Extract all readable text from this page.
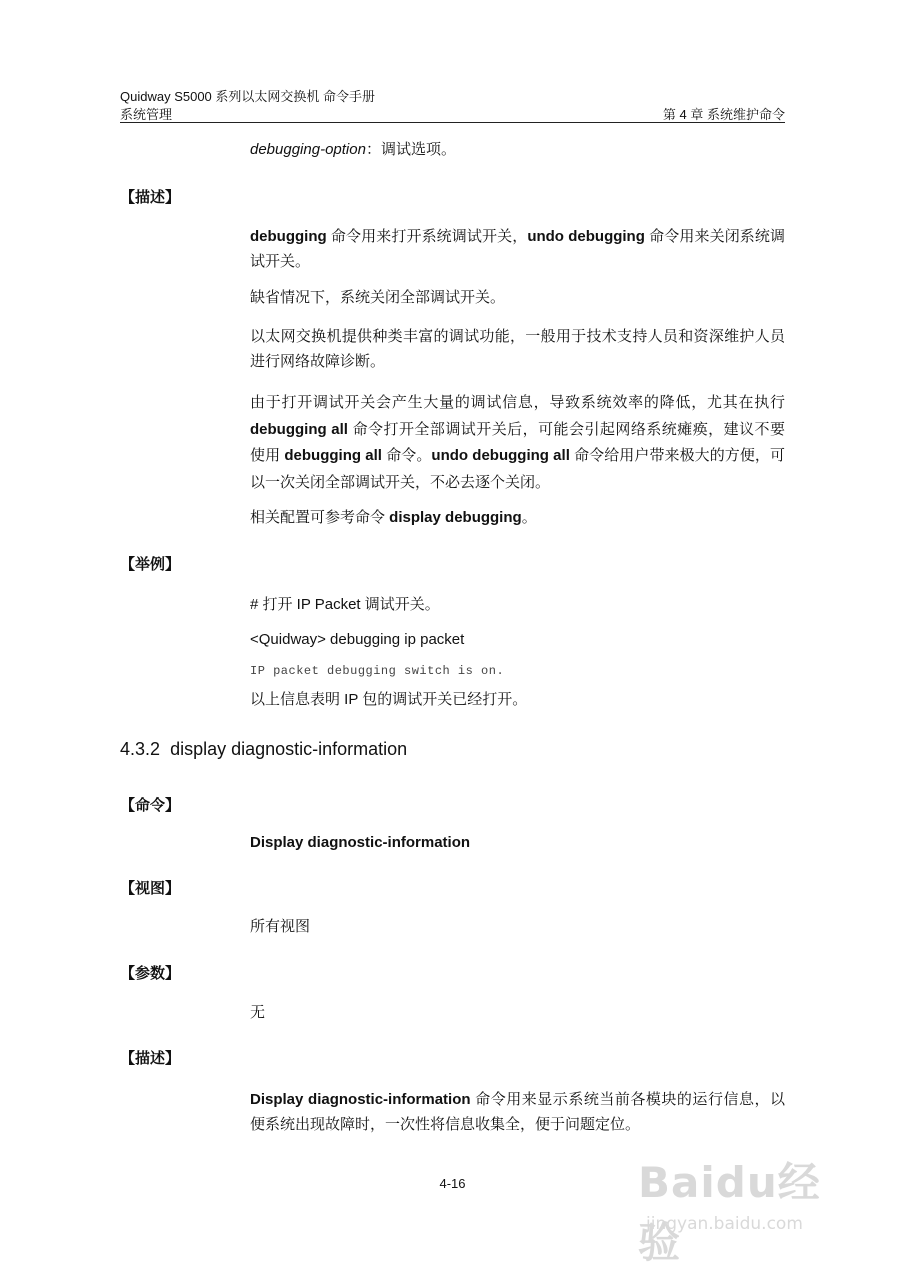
Quidway S5000 系列以太网交换机 命令手册
系统管理	第 4 章 系统维护命令
debugging-option：调试选项。
【描述】
debugging 命令用来打开系统调试开关，undo debugging 命令用来关闭系统调试开关。
缺省情况下，系统关闭全部调试开关。
以太网交换机提供种类丰富的调试功能，一般用于技术支持人员和资深维护人员进行网络故障诊断。
由于打开调试开关会产生大量的调试信息，导致系统效率的降低，尤其在执行 debugging all 命令打开全部调试开关后，可能会引起网络系统瘫痪，建议不要使用 debugging all 命令。undo debugging all 命令给用户带来极大的方便，可以一次关闭全部调试开关，不必去逐个关闭。
相关配置可参考命令 display debugging。
【举例】
# 打开 IP Packet 调试开关。
<Quidway> debugging ip packet
IP packet debugging switch is on.
以上信息表明 IP 包的调试开关已经打开。
4.3.2 display diagnostic-information
【命令】
Display diagnostic-information
【视图】
所有视图
【参数】
无
【描述】
Display diagnostic-information 命令用来显示系统当前各模块的运行信息，以便系统出现故障时，一次性将信息收集全，便于问题定位。
4-16	Baidu经验
jingyan.baidu.com
